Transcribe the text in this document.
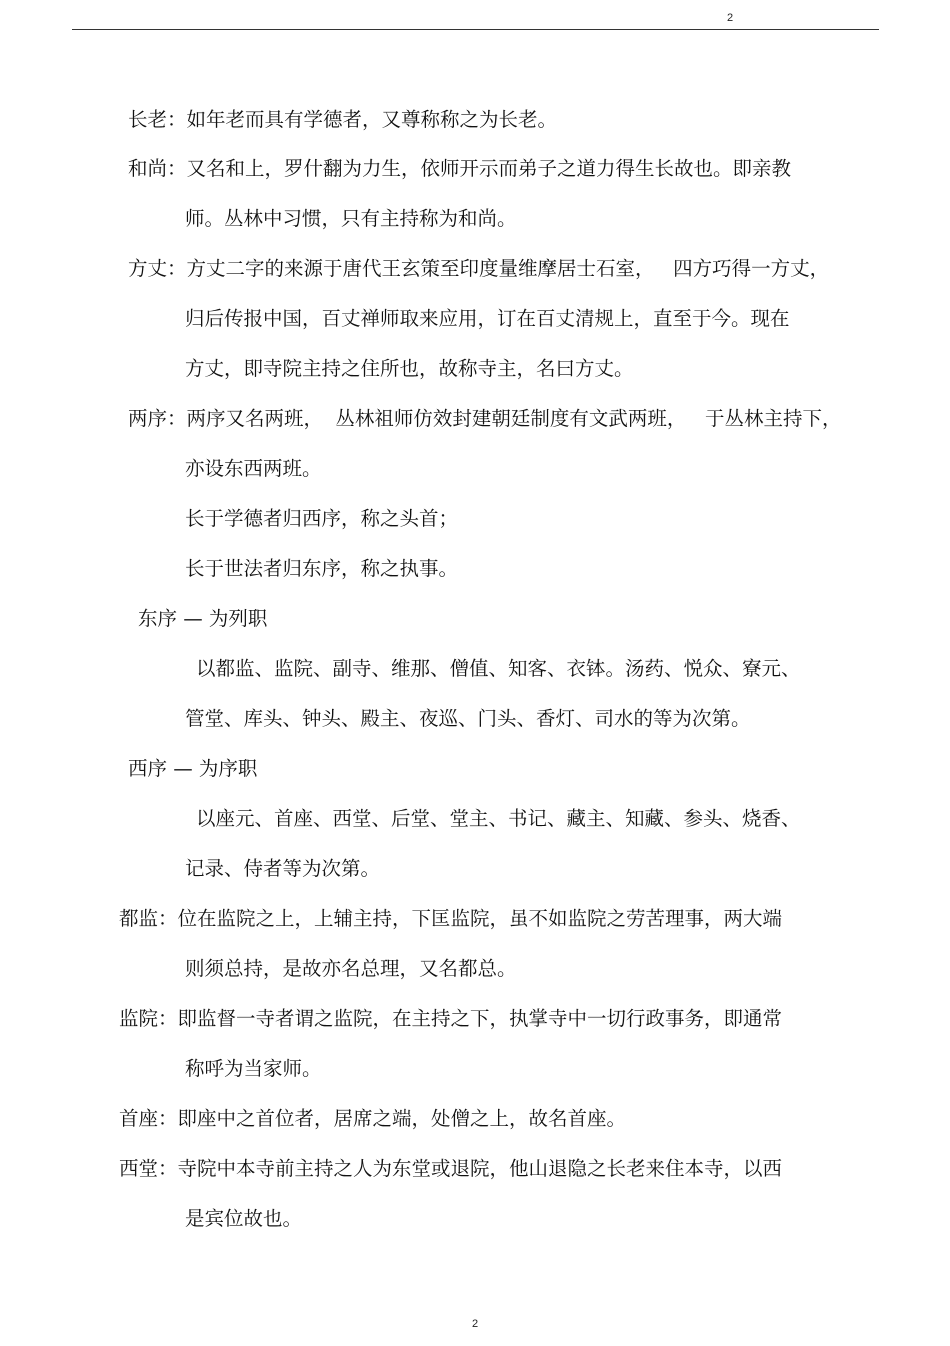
2
长老：如年老而具有学德者，又尊称称之为长老。
和尚：又名和上，罗什翻为力生，依师开示而弟子之道力得生长故也。即亲教
师。丛林中习惯，只有主持称为和尚。
方丈：方丈二字的来源于唐代王玄策至印度量维摩居士石室，   四方巧得一方丈，
归后传报中国，百丈禅师取来应用，订在百丈清规上，直至于今。现在
方丈，即寺院主持之住所也，故称寺主，名曰方丈。
两序：两序又名两班，  丛林祖师仿效封建朝廷制度有文武两班，   于丛林主持下，
亦设东西两班。
长于学德者归西序，称之头首；
长于世法者归东序，称之执事。
东序 — 为列职
以都监、监院、副寺、维那、僧值、知客、衣钵。汤药、悦众、寮元、
管堂、库头、钟头、殿主、夜巡、门头、香灯、司水的等为次第。
西序 — 为序职
以座元、首座、西堂、后堂、堂主、书记、藏主、知藏、参头、烧香、
记录、侍者等为次第。
都监：位在监院之上，上辅主持，下匡监院，虽不如监院之劳苦理事，两大端
则须总持，是故亦名总理，又名都总。
监院：即监督一寺者谓之监院，在主持之下，执掌寺中一切行政事务，即通常
称呼为当家师。
首座：即座中之首位者，居席之端，处僧之上，故名首座。
西堂：寺院中本寺前主持之人为东堂或退院，他山退隐之长老来住本寺，以西
是宾位故也。
2
